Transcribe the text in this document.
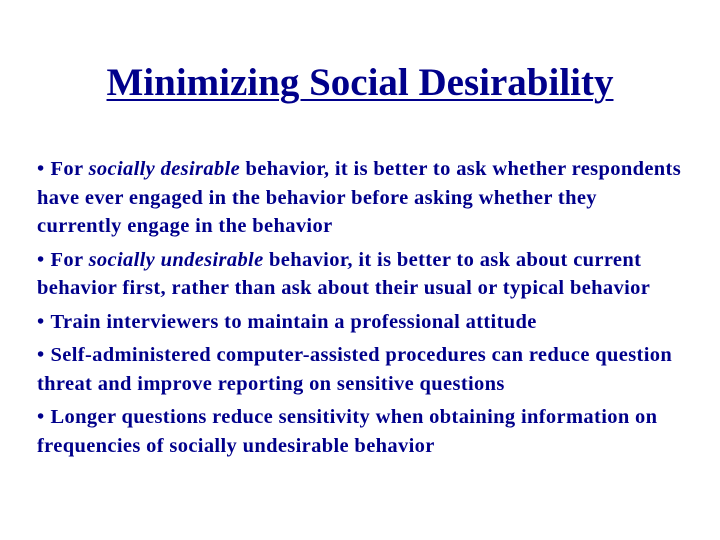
Minimizing Social Desirability
• For socially desirable behavior, it is better to ask whether respondents have ever engaged in the behavior before asking whether they currently engage in the behavior
• For socially undesirable behavior, it is better to ask about current behavior first, rather than ask about their usual or typical behavior
• Train interviewers to maintain a professional attitude
• Self-administered computer-assisted procedures can reduce question threat and improve reporting on sensitive questions
• Longer questions reduce sensitivity when obtaining information on frequencies of socially undesirable behavior
